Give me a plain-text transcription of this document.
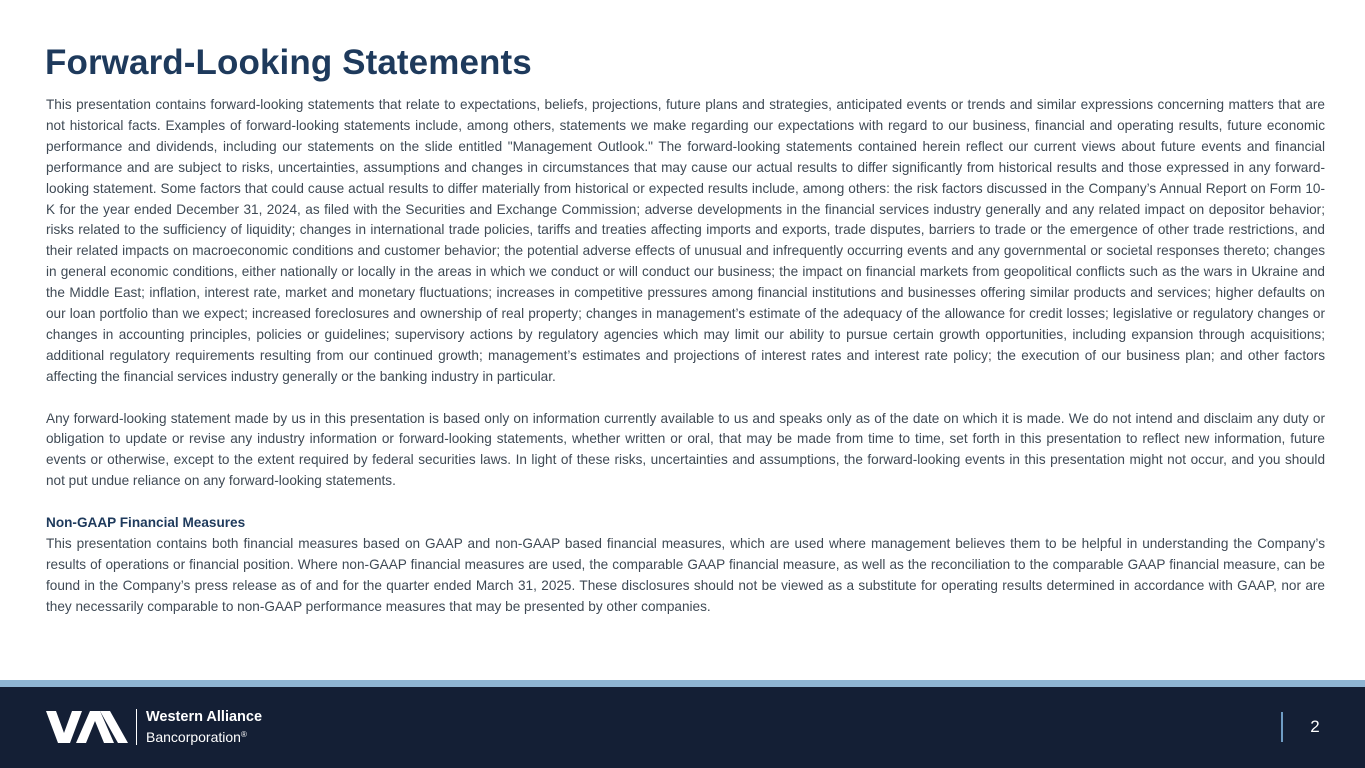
Forward-Looking Statements

This presentation contains forward-looking statements that relate to expectations, beliefs, projections, future plans and strategies, anticipated events or trends and similar expressions concerning matters that are not historical facts. Examples of forward-looking statements include, among others, statements we make regarding our expectations with regard to our business, financial and operating results, future economic performance and dividends, including our statements on the slide entitled "Management Outlook." The forward-looking statements contained herein reflect our current views about future events and financial performance and are subject to risks, uncertainties, assumptions and changes in circumstances that may cause our actual results to differ significantly from historical results and those expressed in any forward-looking statement. Some factors that could cause actual results to differ materially from historical or expected results include, among others: the risk factors discussed in the Company’s Annual Report on Form 10-K for the year ended December 31, 2024, as filed with the Securities and Exchange Commission; adverse developments in the financial services industry generally and any related impact on depositor behavior; risks related to the sufficiency of liquidity; changes in international trade policies, tariffs and treaties affecting imports and exports, trade disputes, barriers to trade or the emergence of other trade restrictions, and their related impacts on macroeconomic conditions and customer behavior; the potential adverse effects of unusual and infrequently occurring events and any governmental or societal responses thereto; changes in general economic conditions, either nationally or locally in the areas in which we conduct or will conduct our business; the impact on financial markets from geopolitical conflicts such as the wars in Ukraine and the Middle East; inflation, interest rate, market and monetary fluctuations; increases in competitive pressures among financial institutions and businesses offering similar products and services; higher defaults on our loan portfolio than we expect; increased foreclosures and ownership of real property; changes in management’s estimate of the adequacy of the allowance for credit losses; legislative or regulatory changes or changes in accounting principles, policies or guidelines; supervisory actions by regulatory agencies which may limit our ability to pursue certain growth opportunities, including expansion through acquisitions; additional regulatory requirements resulting from our continued growth; management’s estimates and projections of interest rates and interest rate policy; the execution of our business plan; and other factors affecting the financial services industry generally or the banking industry in particular.

Any forward-looking statement made by us in this presentation is based only on information currently available to us and speaks only as of the date on which it is made. We do not intend and disclaim any duty or obligation to update or revise any industry information or forward-looking statements, whether written or oral, that may be made from time to time, set forth in this presentation to reflect new information, future events or otherwise, except to the extent required by federal securities laws. In light of these risks, uncertainties and assumptions, the forward-looking events in this presentation might not occur, and you should not put undue reliance on any forward-looking statements.

Non-GAAP Financial Measures

This presentation contains both financial measures based on GAAP and non-GAAP based financial measures, which are used where management believes them to be helpful in understanding the Company’s results of operations or financial position. Where non-GAAP financial measures are used, the comparable GAAP financial measure, as well as the reconciliation to the comparable GAAP financial measure, can be found in the Company’s press release as of and for the quarter ended March 31, 2025. These disclosures should not be viewed as a substitute for operating results determined in accordance with GAAP, nor are they necessarily comparable to non-GAAP performance measures that may be presented by other companies.

Western Alliance
Bancorporation®	2
